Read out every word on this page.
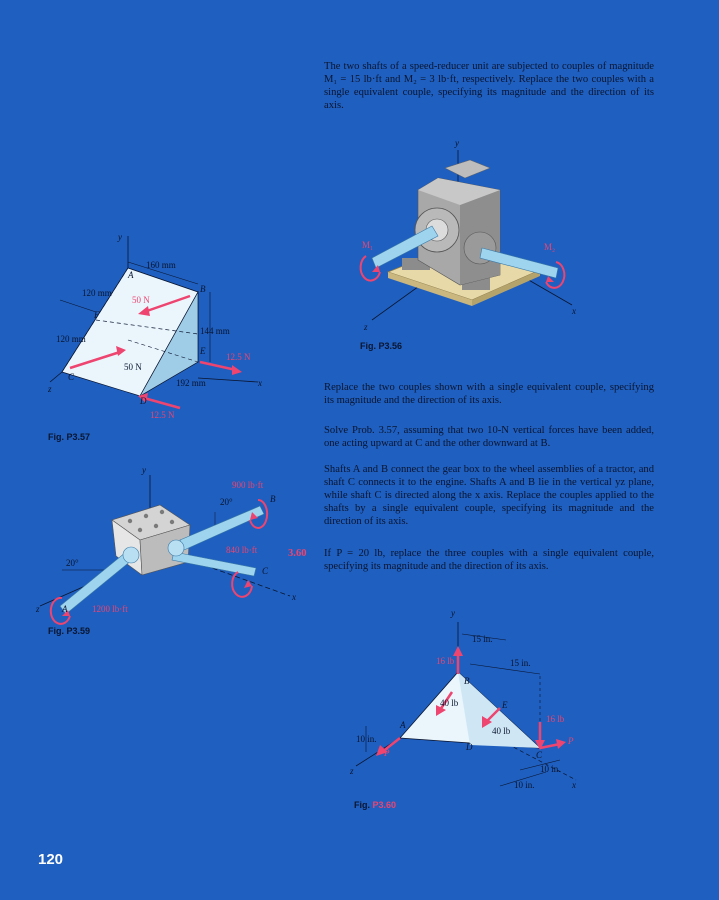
The two shafts of a speed-reducer unit are subjected to couples of magnitude M₁ = 15 lb·ft and M₂ = 3 lb·ft, respectively. Replace the two couples with a single equivalent couple, specifying its magnitude and the direction of its axis.
Replace the two couples shown with a single equivalent couple, specifying its magnitude and the direction of its axis.
Solve Prob. 3.57, assuming that two 10-N vertical forces have been added, one acting upward at C and the other downward at B.
Shafts A and B connect the gear box to the wheel assemblies of a tractor, and shaft C connects it to the engine. Shafts A and B lie in the vertical yz plane, while shaft C is directed along the x axis. Replace the couples applied to the shafts by a single equivalent couple, specifying its magnitude and the direction of its axis.
3.60 If P = 20 lb, replace the three couples with a single equivalent couple, specifying its magnitude and the direction of its axis.
y
z
x
M₁	M₂
Fig. P3.56
y
z
x
A
B
C
D
E
F
160 mm
120 mm
120 mm
144 mm
192 mm
50 N
50 N
12.5 N
12.5 N
Fig. P3.57
y
z
x
A
B
C
20°
20°
900 lb·ft
840 lb·ft
1200 lb·ft
Fig. P3.59
y
z
x
A
B
C
D
E
15 in.
15 in.
10 in.
10 in.
10 in.
16 lb
16 lb
40 lb
40 lb
P
P
Fig. P3.60
120
